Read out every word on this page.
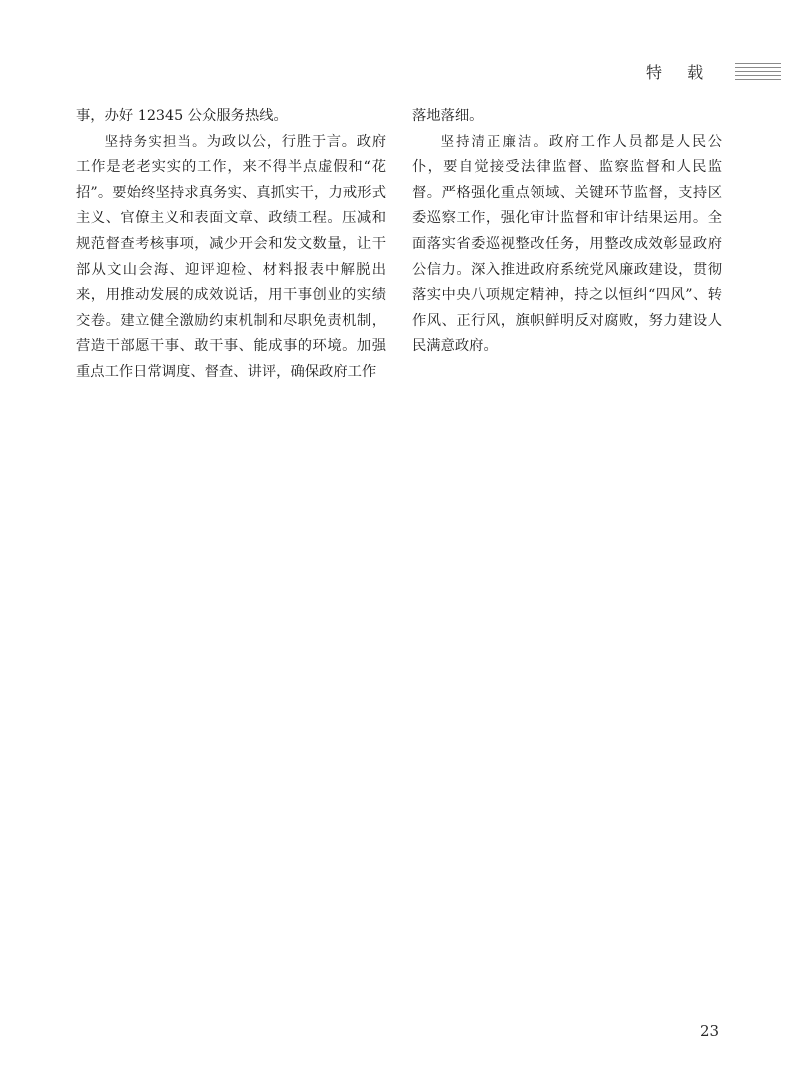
特 载

事，办好 12345 公众服务热线。

坚持务实担当。为政以公，行胜于言。政府工作是老老实实的工作，来不得半点虚假和“花招”。要始终坚持求真务实、真抓实干，力戒形式主义、官僚主义和表面文章、政绩工程。压减和规范督查考核事项，减少开会和发文数量，让干部从文山会海、迎评迎检、材料报表中解脱出来，用推动发展的成效说话，用干事创业的实绩交卷。建立健全激励约束机制和尽职免责机制，营造干部愿干事、敢干事、能成事的环境。加强重点工作日常调度、督查、讲评，确保政府工作

落地落细。

坚持清正廉洁。政府工作人员都是人民公仆，要自觉接受法律监督、监察监督和人民监督。严格强化重点领域、关键环节监督，支持区委巡察工作，强化审计监督和审计结果运用。全面落实省委巡视整改任务，用整改成效彰显政府公信力。深入推进政府系统党风廉政建设，贯彻落实中央八项规定精神，持之以恒纠“四风”、转作风、正行风，旗帜鲜明反对腐败，努力建设人民满意政府。

23
